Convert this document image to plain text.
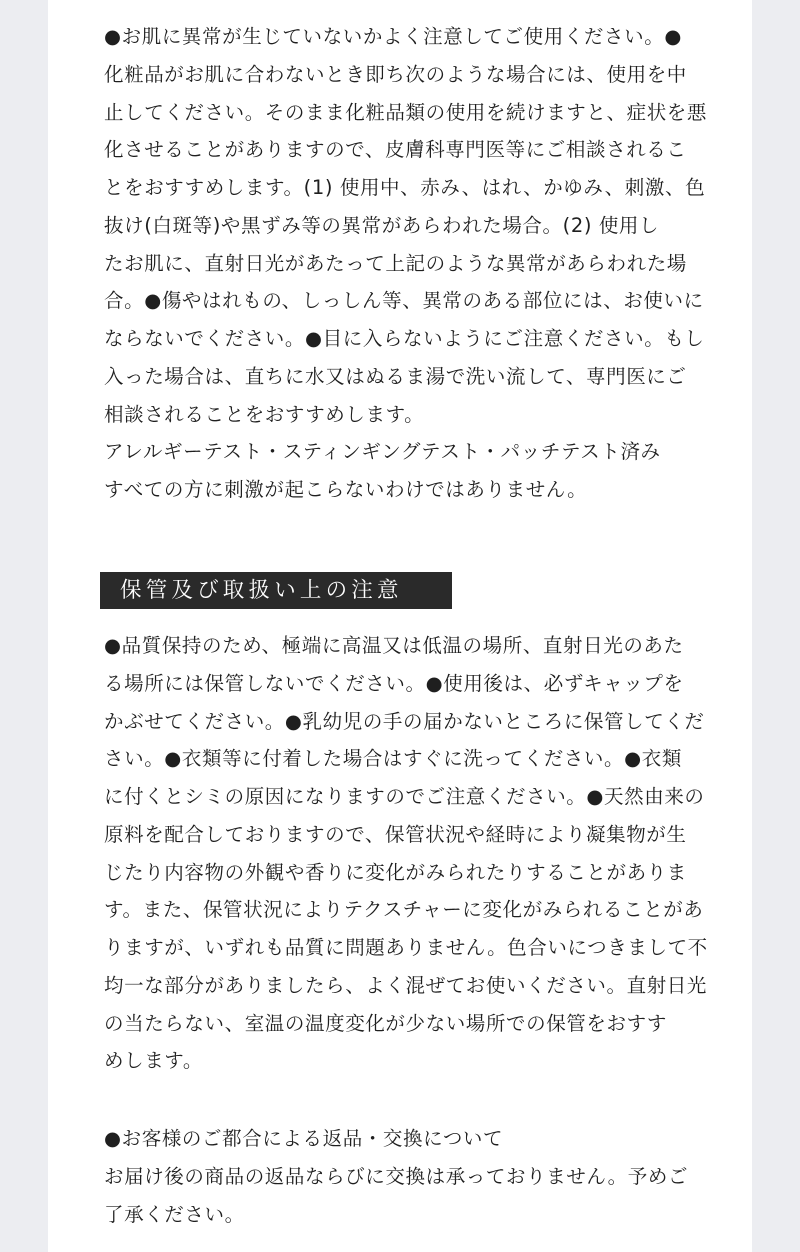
●お肌に異常が生じていないかよく注意してご使用ください。●
化粧品がお肌に合わないとき即ち次のような場合には、使用を中
止してください。そのまま化粧品類の使用を続けますと、症状を悪
化させることがありますので、皮膚科専門医等にご相談されるこ
とをおすすめします。(1) 使用中、赤み、はれ、かゆみ、刺激、色
抜け(白斑等)や黒ずみ等の異常があらわれた場合。(2) 使用し
たお肌に、直射日光があたって上記のような異常があらわれた場
合。●傷やはれもの、しっしん等、異常のある部位には、お使いに
ならないでください。●目に入らないようにご注意ください。もし
入った場合は、直ちに水又はぬるま湯で洗い流して、専門医にご
相談されることをおすすめします。
アレルギーテスト・スティンギングテスト・パッチテスト済み
すべての方に刺激が起こらないわけではありません。
保管及び取扱い上の注意
●品質保持のため、極端に高温又は低温の場所、直射日光のあた
る場所には保管しないでください。●使用後は、必ずキャップを
かぶせてください。●乳幼児の手の届かないところに保管してくだ
さい。●衣類等に付着した場合はすぐに洗ってください。●衣類
に付くとシミの原因になりますのでご注意ください。●天然由来の
原料を配合しておりますので、保管状況や経時により凝集物が生
じたり内容物の外観や香りに変化がみられたりすることがありま
す。また、保管状況によりテクスチャーに変化がみられることがあ
りますが、いずれも品質に問題ありません。色合いにつきまして不
均一な部分がありましたら、よく混ぜてお使いください。直射日光
の当たらない、室温の温度変化が少ない場所での保管をおすす
めします。
●お客様のご都合による返品・交換について
お届け後の商品の返品ならびに交換は承っておりません。予めご
了承ください。
